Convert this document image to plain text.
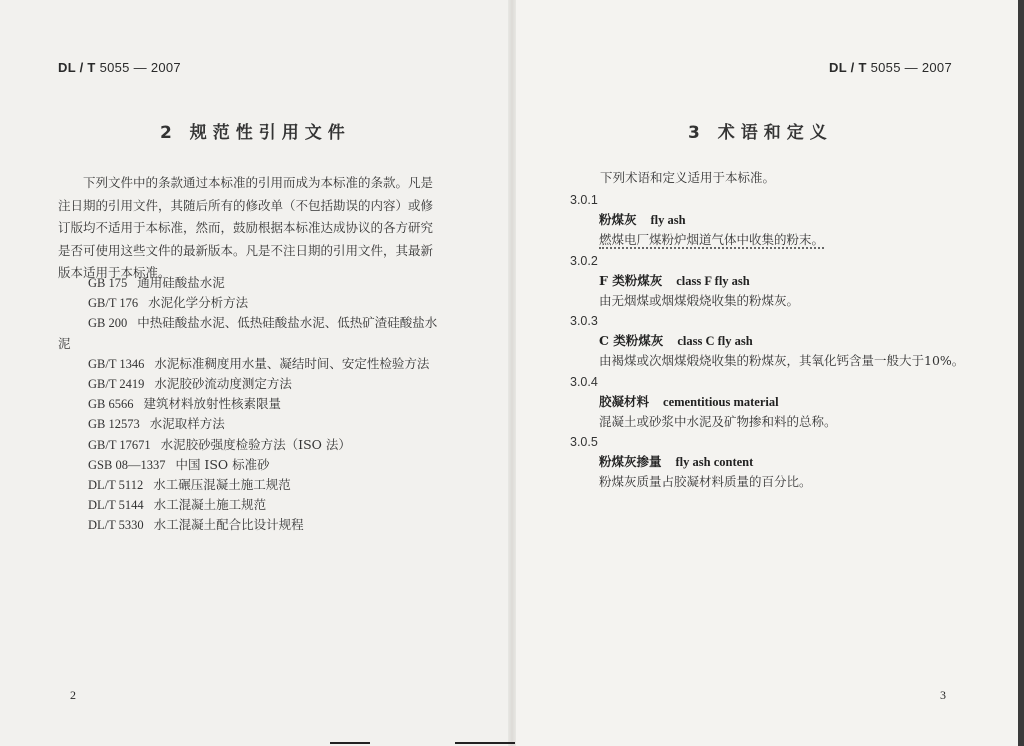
DL / T 5055 — 2007
2 规范性引用文件
下列文件中的条款通过本标准的引用而成为本标准的条款。凡是注日期的引用文件，其随后所有的修改单（不包括勘误的内容）或修订版均不适用于本标准，然而，鼓励根据本标准达成协议的各方研究是否可使用这些文件的最新版本。凡是不注日期的引用文件，其最新版本适用于本标准。
GB 175 通用硅酸盐水泥
GB/T 176 水泥化学分析方法
GB 200 中热硅酸盐水泥、低热硅酸盐水泥、低热矿渣硅酸盐水泥
GB/T 1346 水泥标准稠度用水量、凝结时间、安定性检验方法
GB/T 2419 水泥胶砂流动度测定方法
GB 6566 建筑材料放射性核素限量
GB 12573 水泥取样方法
GB/T 17671 水泥胶砂强度检验方法（ISO 法）
GSB 08—1337 中国 ISO 标准砂
DL/T 5112 水工碾压混凝土施工规范
DL/T 5144 水工混凝土施工规范
DL/T 5330 水工混凝土配合比设计规程
2
DL / T 5055 — 2007
3 术语和定义
下列术语和定义适用于本标准。
3.0.1
粉煤灰 fly ash
燃煤电厂煤粉炉烟道气体中收集的粉末。
3.0.2
F 类粉煤灰 class F fly ash
由无烟煤或烟煤煅烧收集的粉煤灰。
3.0.3
C 类粉煤灰 class C fly ash
由褐煤或次烟煤煅烧收集的粉煤灰，其氧化钙含量一般大于10%。
3.0.4
胶凝材料 cementitious material
混凝土或砂浆中水泥及矿物掺和料的总称。
3.0.5
粉煤灰掺量 fly ash content
粉煤灰质量占胶凝材料质量的百分比。
3
